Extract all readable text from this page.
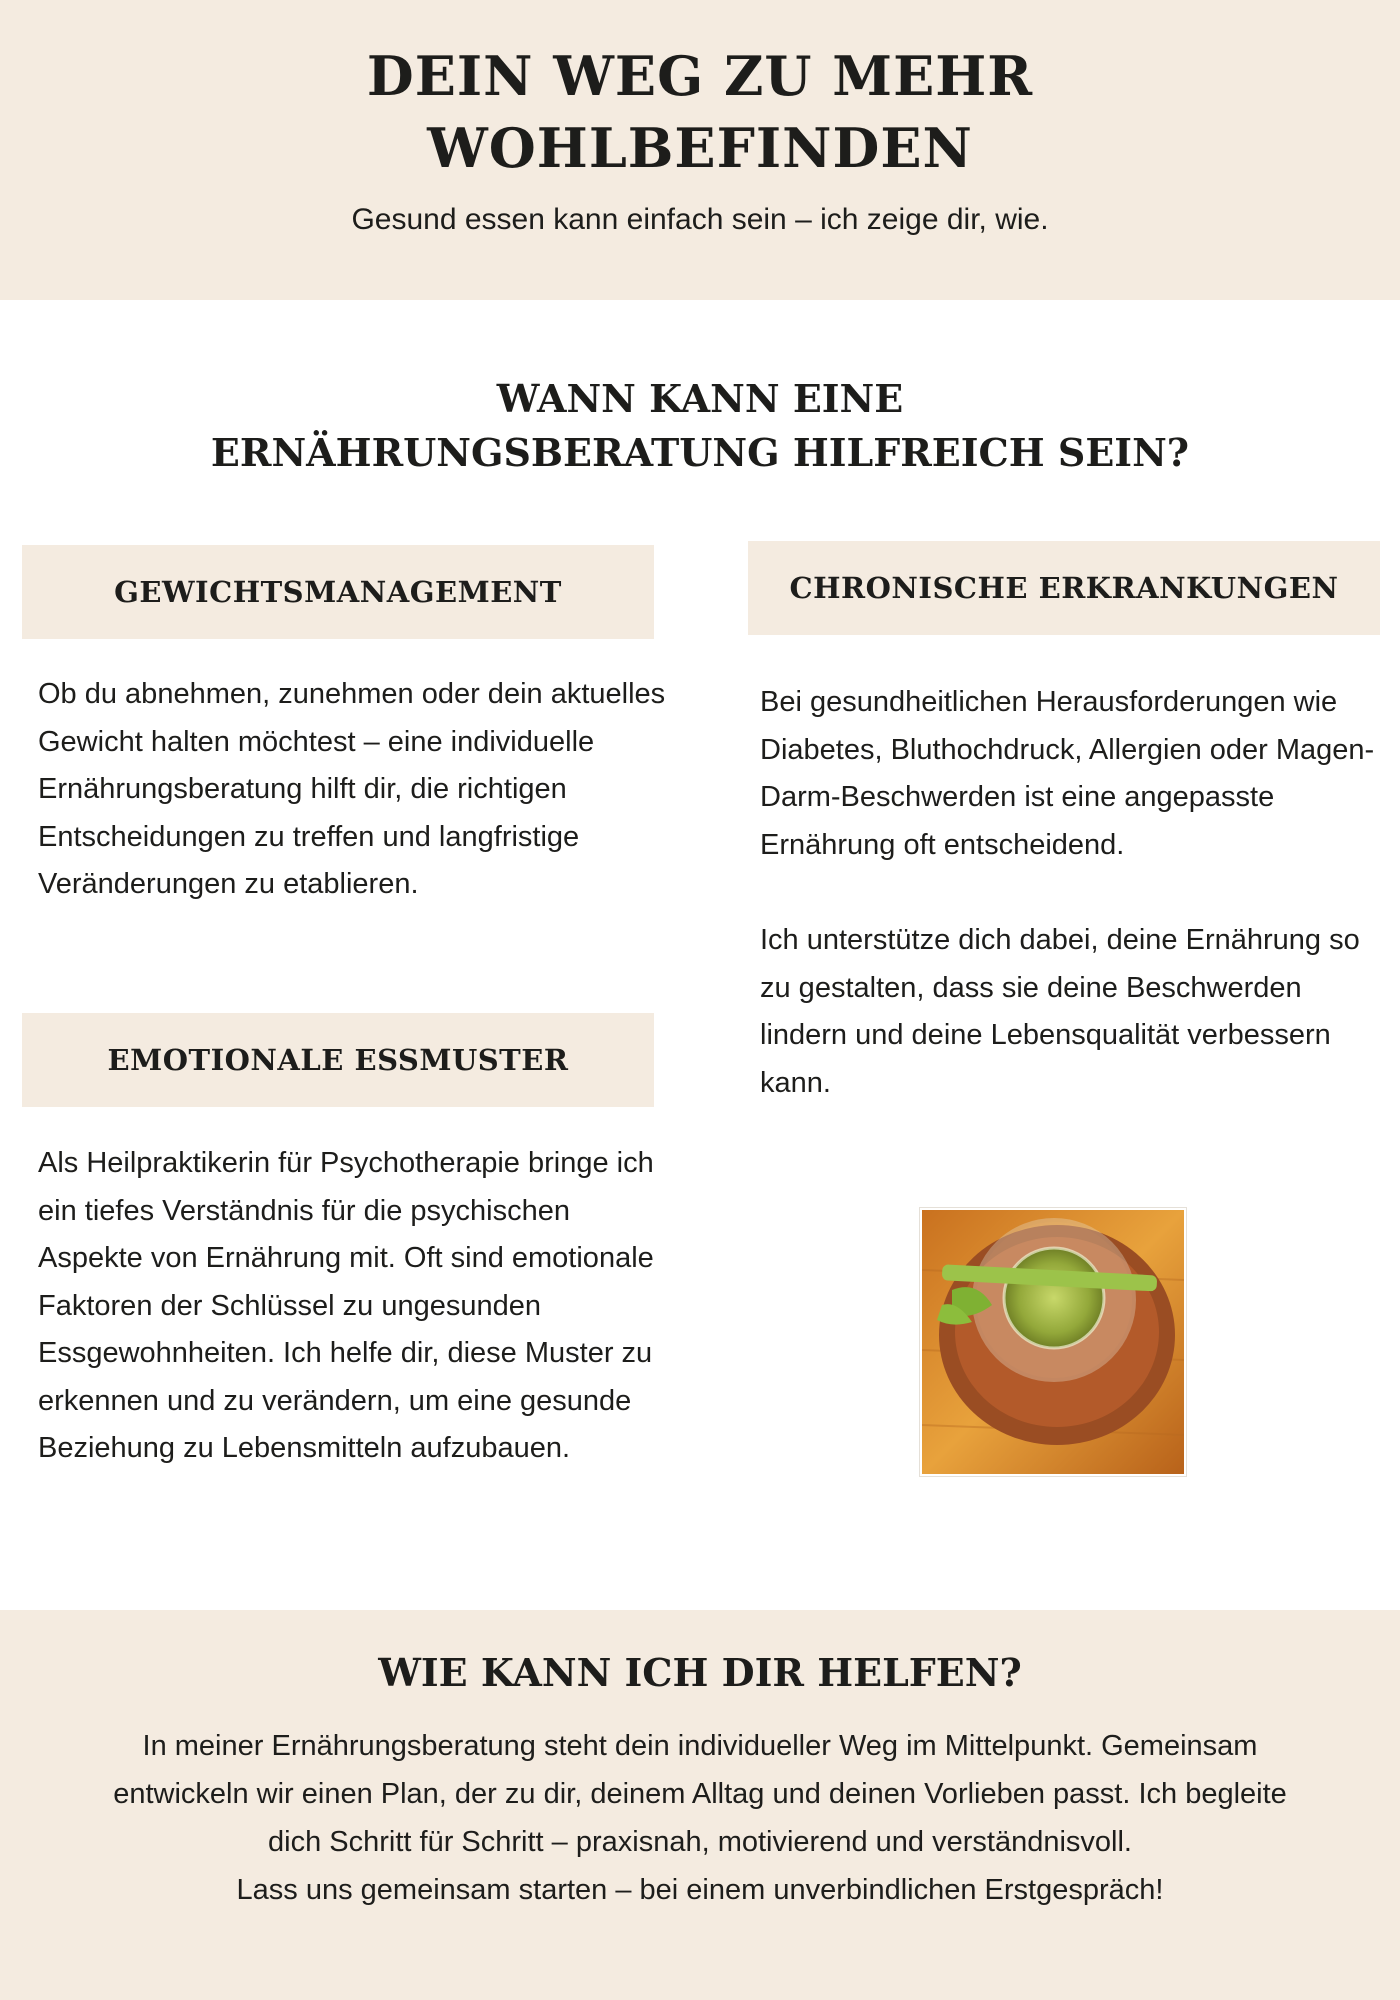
DEIN WEG ZU MEHR
WOHLBEFINDEN
Gesund essen kann einfach sein – ich zeige dir, wie.
WANN KANN EINE
ERNÄHRUNGSBERATUNG HILFREICH SEIN?
GEWICHTSMANAGEMENT

Ob du abnehmen, zunehmen oder dein aktuelles Gewicht halten möchtest – eine individuelle Ernährungsberatung hilft dir, die richtigen Entscheidungen zu treffen und langfristige Veränderungen zu etablieren.

EMOTIONALE ESSMUSTER

Als Heilpraktikerin für Psychotherapie bringe ich ein tiefes Verständnis für die psychischen Aspekte von Ernährung mit. Oft sind emotionale Faktoren der Schlüssel zu ungesunden Essgewohnheiten. Ich helfe dir, diese Muster zu erkennen und zu verändern, um eine gesunde Beziehung zu Lebensmitteln aufzubauen.

CHRONISCHE ERKRANKUNGEN

Bei gesundheitlichen Herausforderungen wie Diabetes, Bluthochdruck, Allergien oder Magen-Darm-Beschwerden ist eine angepasste Ernährung oft entscheidend.

Ich unterstütze dich dabei, deine Ernährung so zu gestalten, dass sie deine Beschwerden lindern und deine Lebensqualität verbessern kann.

WIE KANN ICH DIR HELFEN?
In meiner Ernährungsberatung steht dein individueller Weg im Mittelpunkt. Gemeinsam entwickeln wir einen Plan, der zu dir, deinem Alltag und deinen Vorlieben passt. Ich begleite dich Schritt für Schritt – praxisnah, motivierend und verständnisvoll.
Lass uns gemeinsam starten – bei einem unverbindlichen Erstgespräch!
